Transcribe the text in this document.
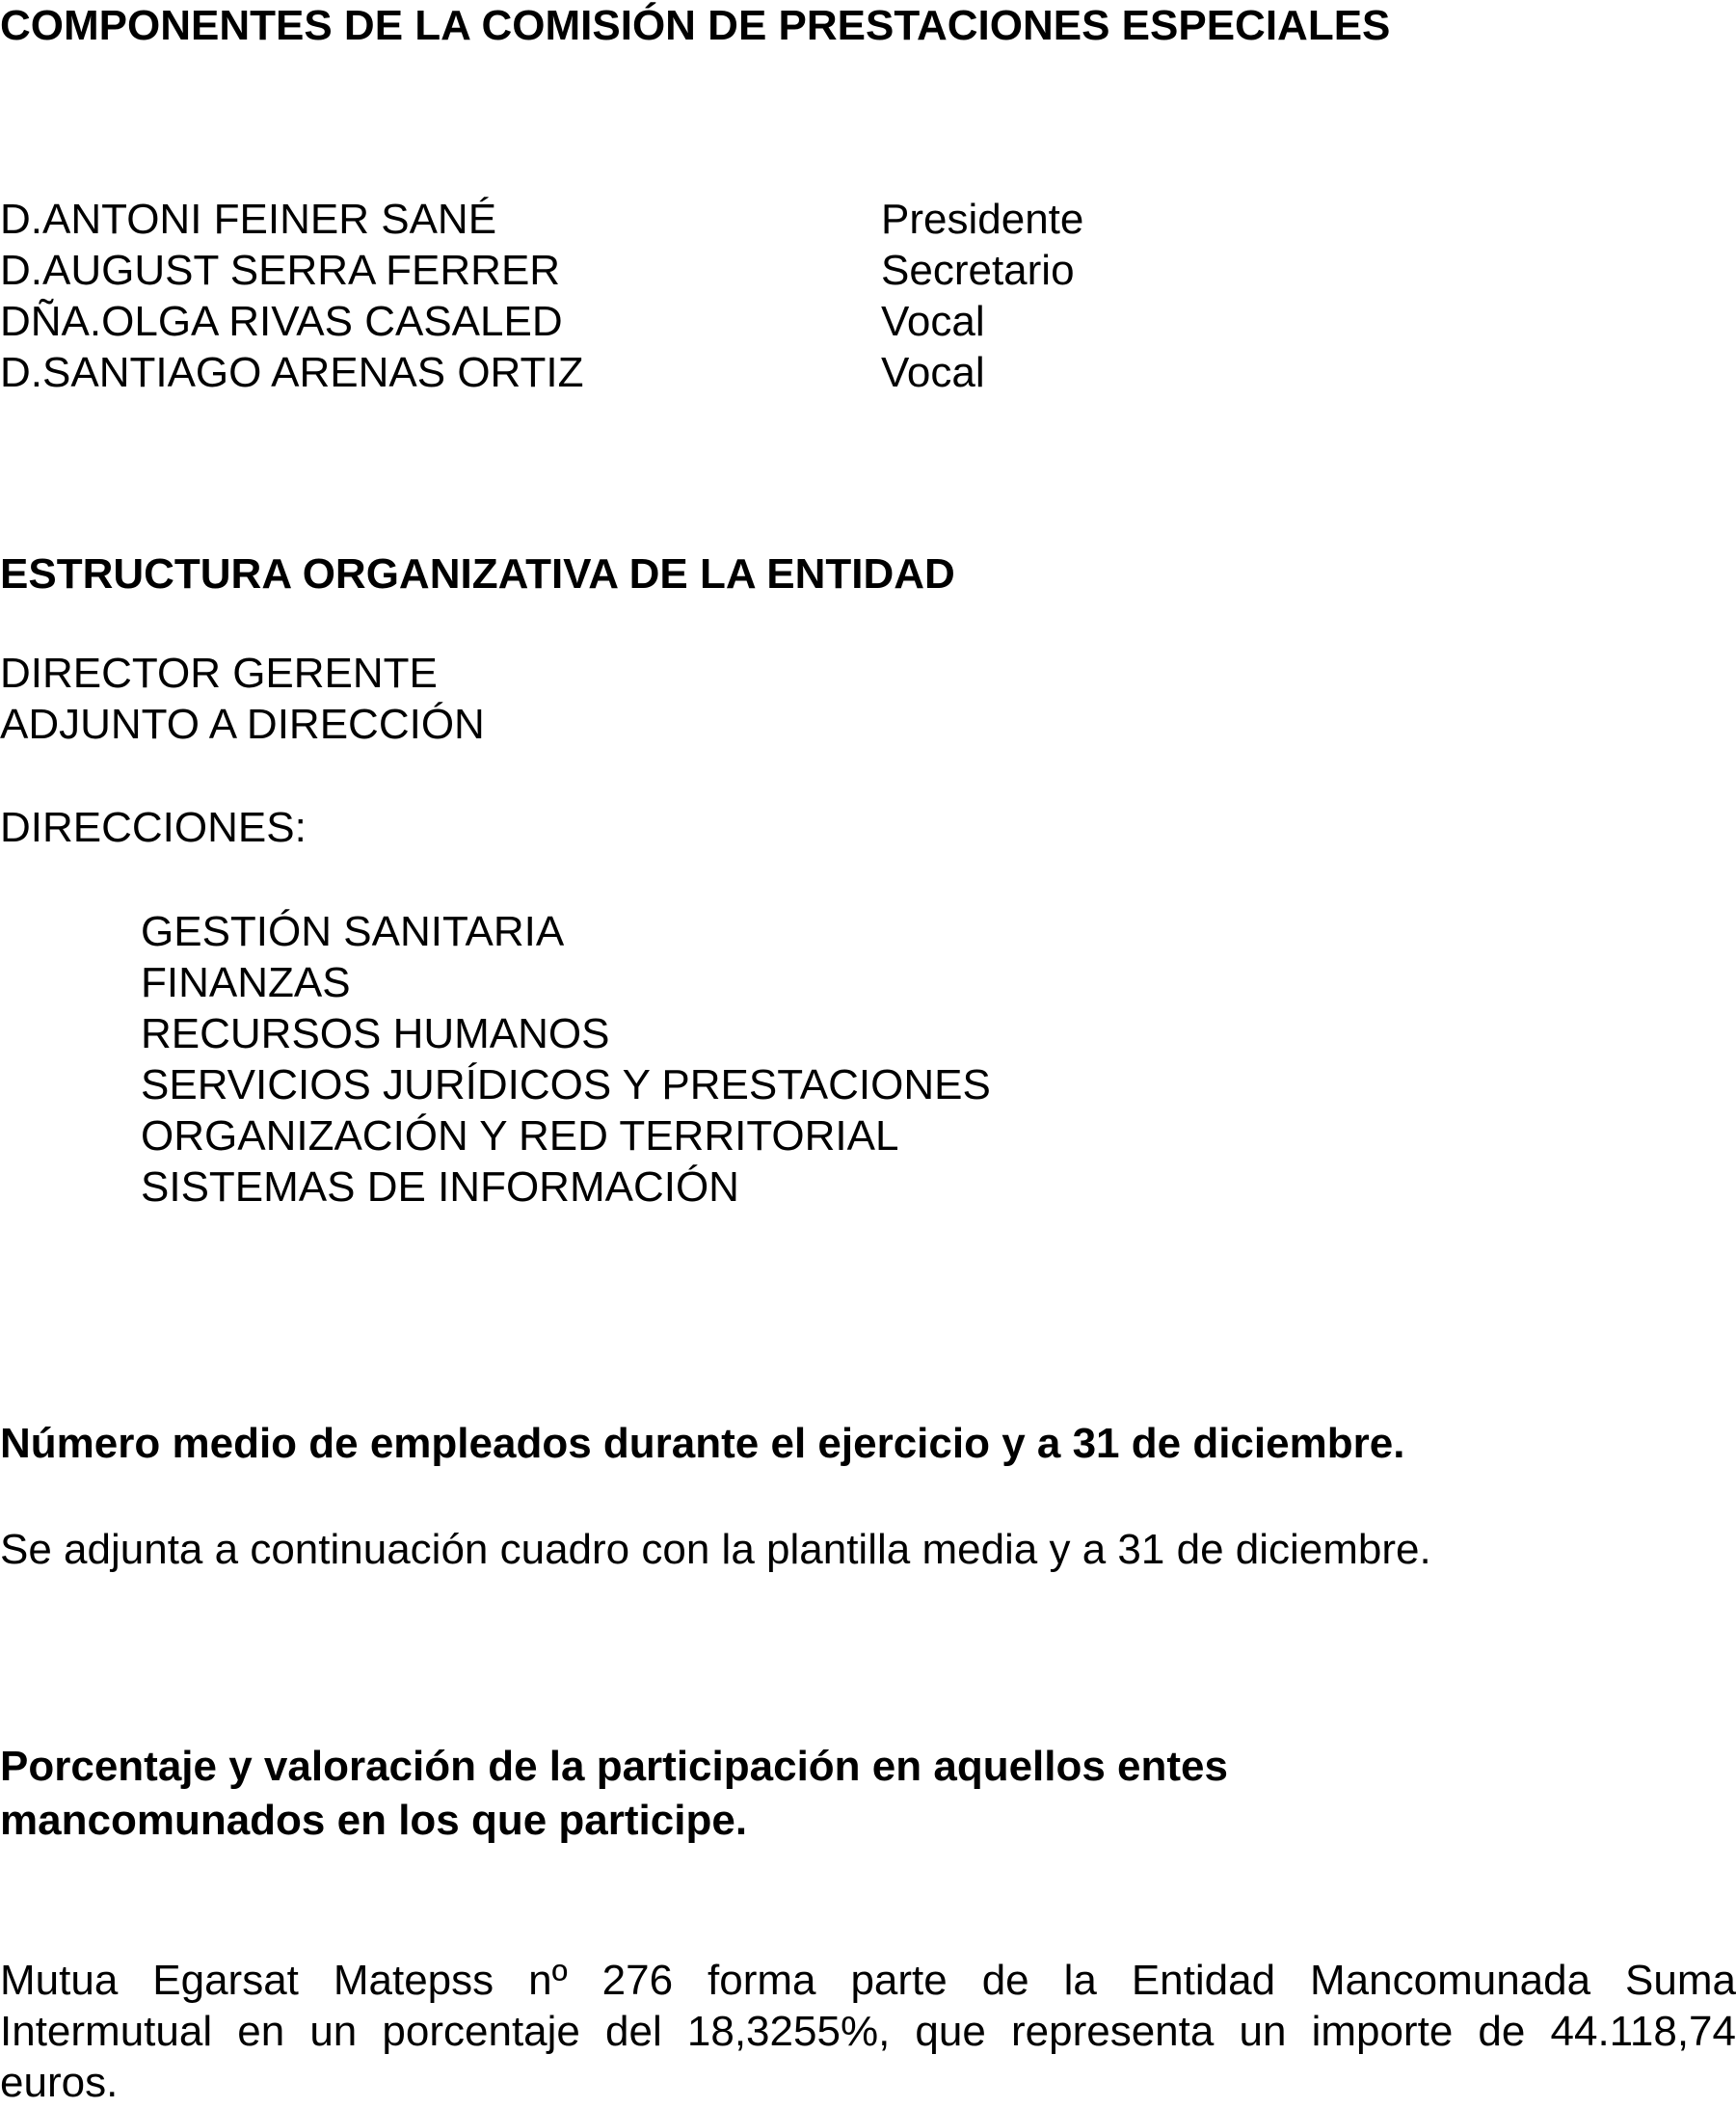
COMPONENTES DE LA COMISIÓN DE PRESTACIONES ESPECIALES
D.ANTONI FEINER SANÉ	Presidente
D.AUGUST SERRA FERRER	Secretario
DÑA.OLGA RIVAS CASALED	Vocal
D.SANTIAGO ARENAS ORTIZ	Vocal
ESTRUCTURA ORGANIZATIVA DE LA ENTIDAD

DIRECTOR GERENTE

ADJUNTO A DIRECCIÓN

DIRECCIONES:

GESTIÓN SANITARIA
FINANZAS
RECURSOS HUMANOS
SERVICIOS JURÍDICOS Y PRESTACIONES
ORGANIZACIÓN Y RED TERRITORIAL
SISTEMAS DE INFORMACIÓN
Número medio de empleados durante el ejercicio y a 31 de diciembre.

Se adjunta a continuación cuadro con la plantilla media y a 31 de diciembre.

Porcentaje y valoración de la participación en aquellos entes
mancomunados en los que participe.
Mutua Egarsat Matepss nº 276 forma parte de la Entidad Mancomunada Suma
Intermutual en un porcentaje del 18,3255%, que representa un importe de 44.118,74
euros.
